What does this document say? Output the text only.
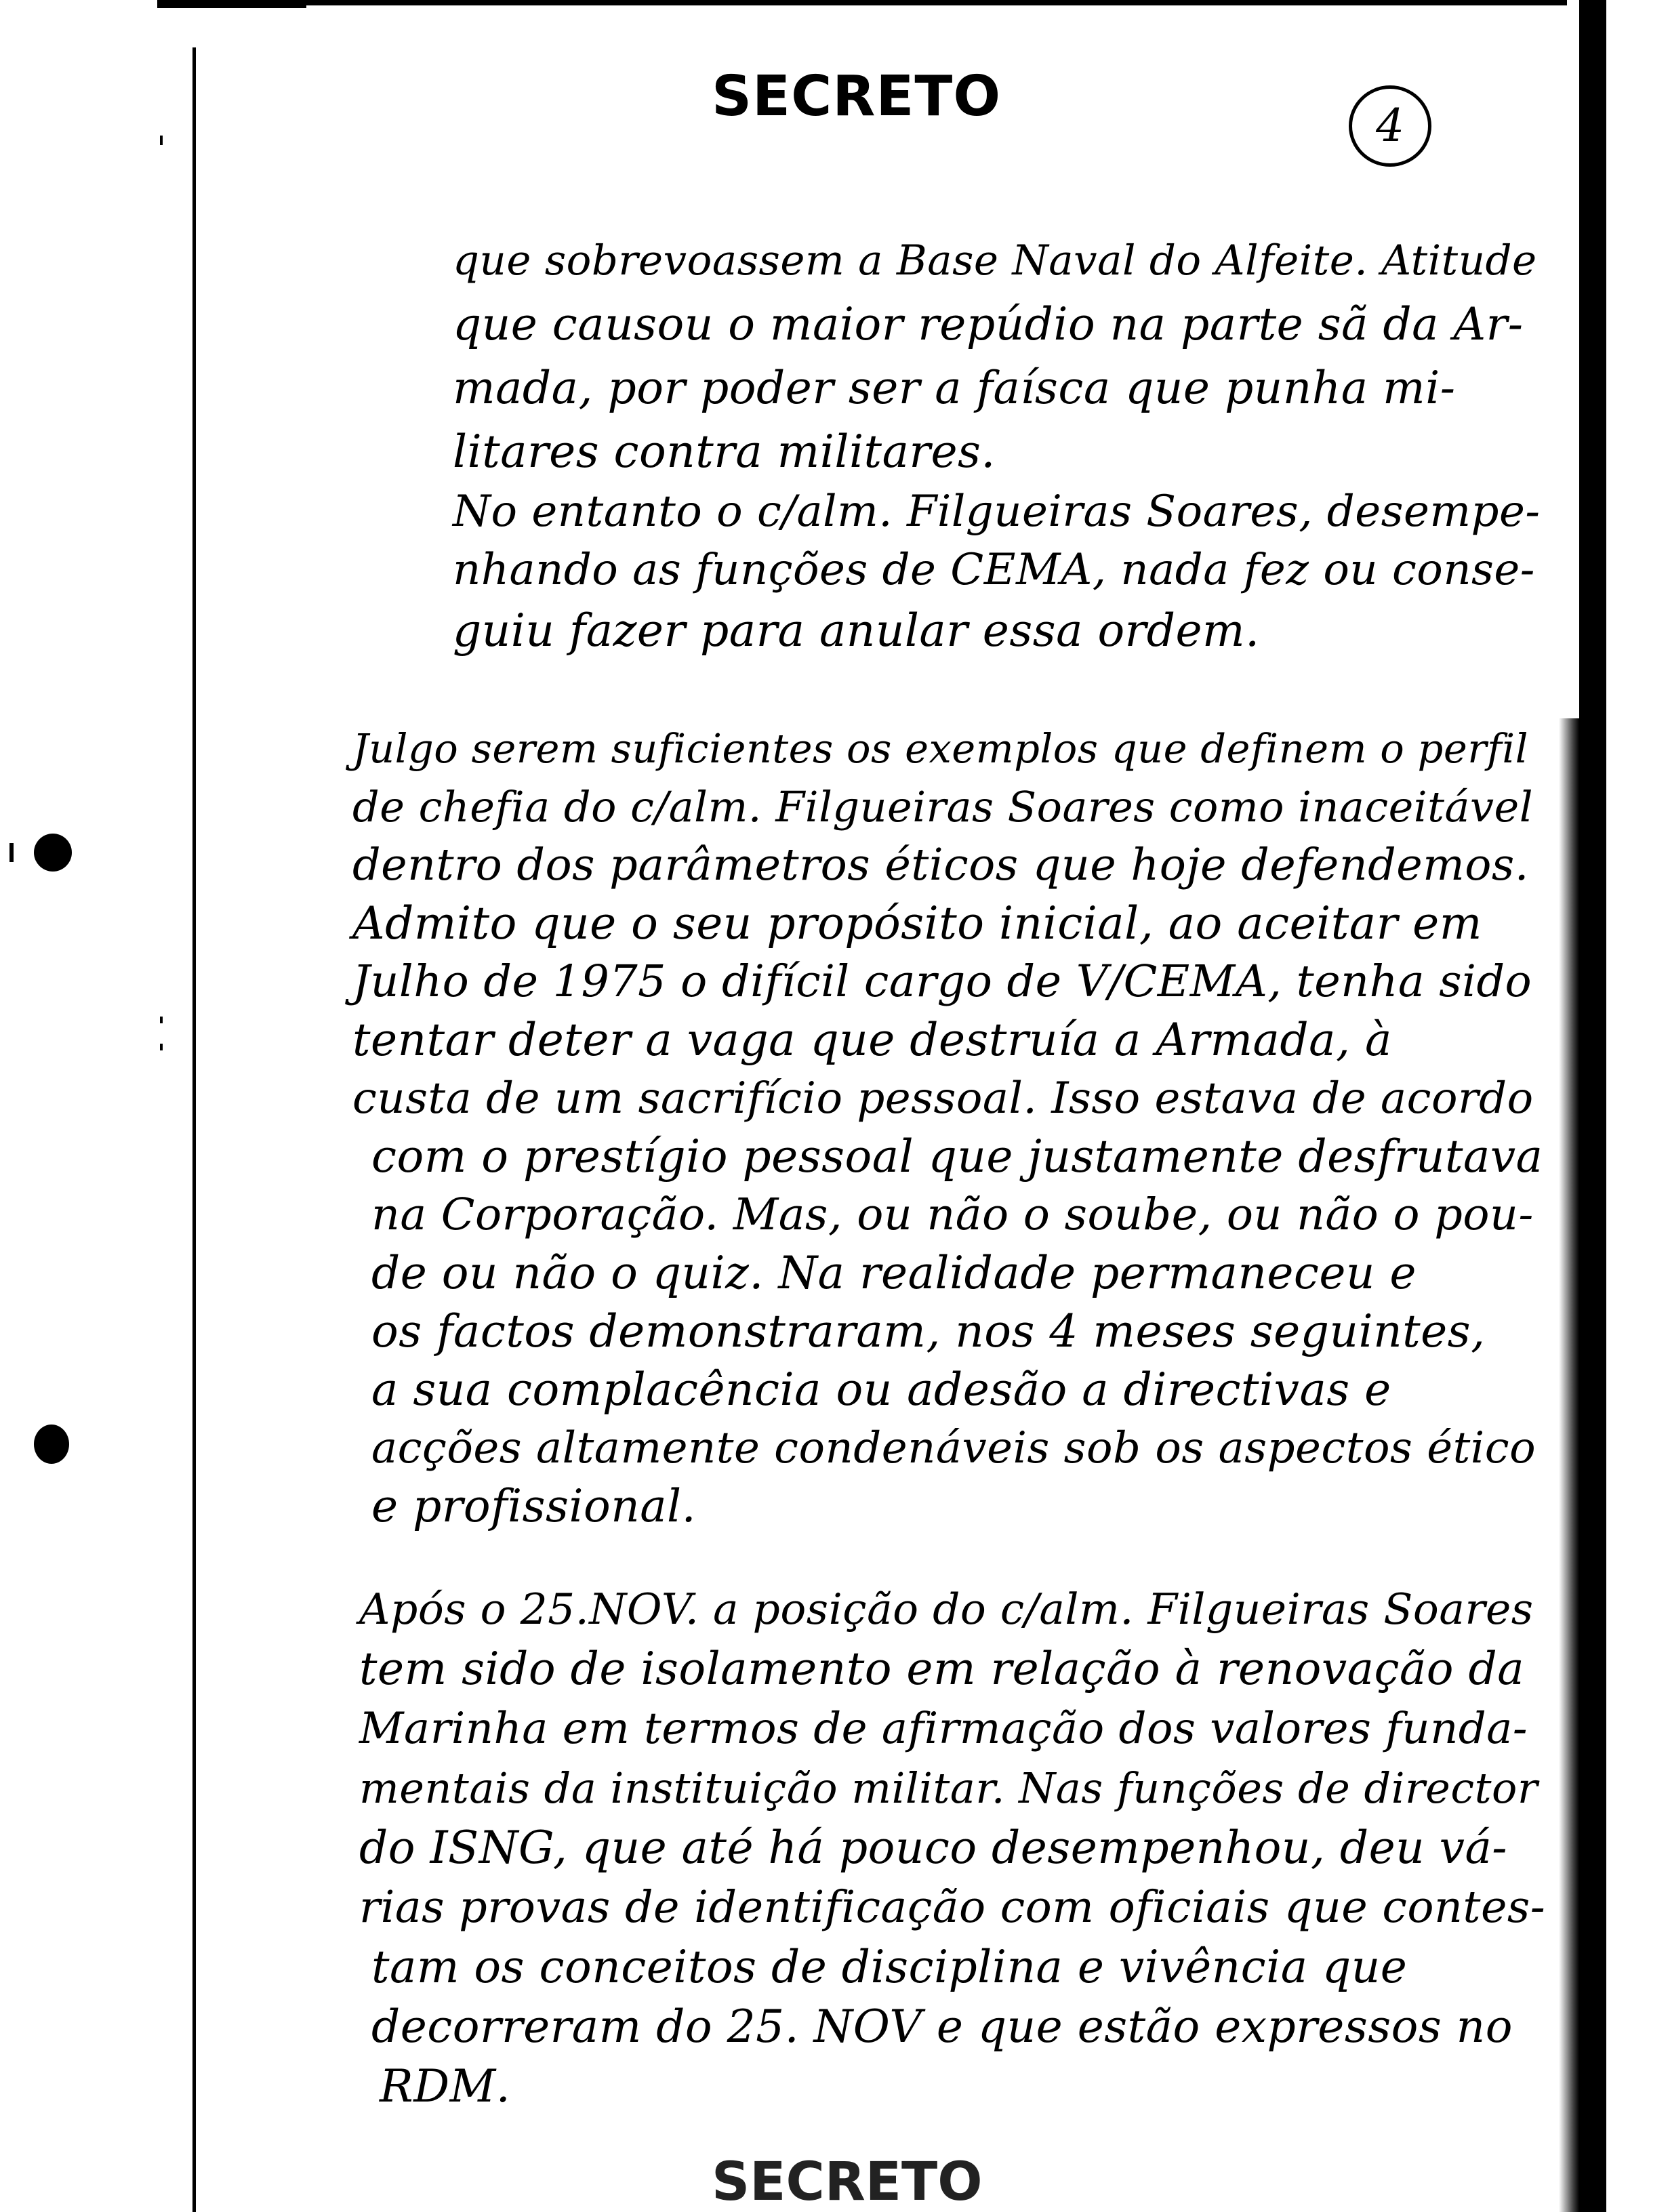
SECRETO	4
que sobrevoassem a Base Naval do Alfeite. Atitude
que causou o maior repúdio na parte sã da Ar-
mada, por poder ser a faísca que punha mi-
litares contra militares.
No entanto o c/alm. Filgueiras Soares, desempe-
nhando as funções de CEMA, nada fez ou conse-
guiu fazer para anular essa ordem.
Julgo serem suficientes os exemplos que definem o perfil
de chefia do c/alm. Filgueiras Soares como inaceitável
dentro dos parâmetros éticos que hoje defendemos.
Admito que o seu propósito inicial, ao aceitar em
Julho de 1975 o difícil cargo de V/CEMA, tenha sido
tentar deter a vaga que destruía a Armada, à
custa de um sacrifício pessoal. Isso estava de acordo
com o prestígio pessoal que justamente desfrutava
na Corporação. Mas, ou não o soube, ou não o pou-
de ou não o quiz. Na realidade permaneceu e
os factos demonstraram, nos 4 meses seguintes,
a sua complacência ou adesão a directivas e
acções altamente condenáveis sob os aspectos ético
e profissional.
Após o 25.NOV. a posição do c/alm. Filgueiras Soares
tem sido de isolamento em relação à renovação da
Marinha em termos de afirmação dos valores funda-
mentais da instituição militar. Nas funções de director
do ISNG, que até há pouco desempenhou, deu vá-
rias provas de identificação com oficiais que contes-
tam os conceitos de disciplina e vivência que
decorreram do 25. NOV e que estão expressos no
RDM.
SECRETO
